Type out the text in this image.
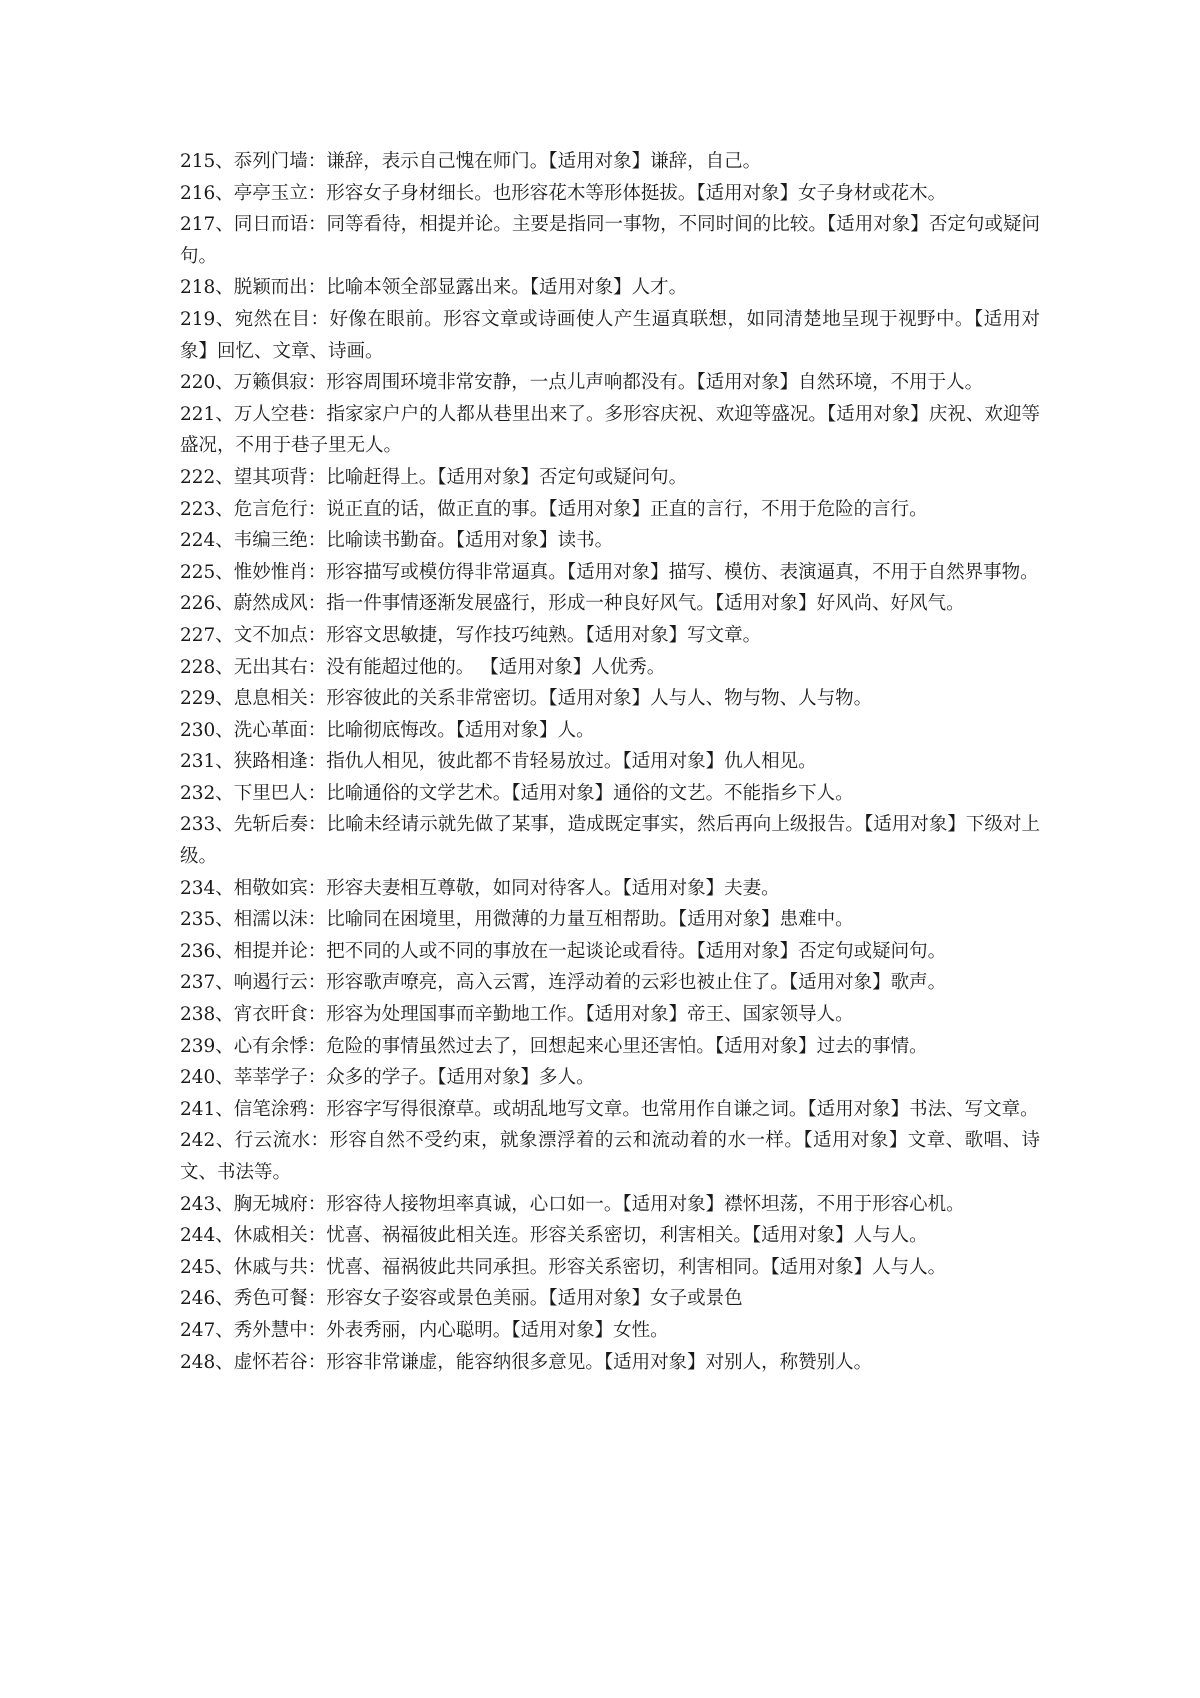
215、忝列门墙：谦辞，表示自己愧在师门。【适用对象】谦辞，自己。
216、亭亭玉立：形容女子身材细长。也形容花木等形体挺拔。【适用对象】女子身材或花木。
217、同日而语：同等看待，相提并论。主要是指同一事物，不同时间的比较。【适用对象】否定句或疑问句。
218、脱颖而出：比喻本领全部显露出来。【适用对象】人才。
219、宛然在目：好像在眼前。形容文章或诗画使人产生逼真联想，如同清楚地呈现于视野中。【适用对象】回忆、文章、诗画。
220、万籁俱寂：形容周围环境非常安静，一点儿声响都没有。【适用对象】自然环境，不用于人。
221、万人空巷：指家家户户的人都从巷里出来了。多形容庆祝、欢迎等盛况。【适用对象】庆祝、欢迎等盛况，不用于巷子里无人。
222、望其项背：比喻赶得上。【适用对象】否定句或疑问句。
223、危言危行：说正直的话，做正直的事。【适用对象】正直的言行，不用于危险的言行。
224、韦编三绝：比喻读书勤奋。【适用对象】读书。
225、惟妙惟肖：形容描写或模仿得非常逼真。【适用对象】描写、模仿、表演逼真，不用于自然界事物。
226、蔚然成风：指一件事情逐渐发展盛行，形成一种良好风气。【适用对象】好风尚、好风气。
227、文不加点：形容文思敏捷，写作技巧纯熟。【适用对象】写文章。
228、无出其右：没有能超过他的。 【适用对象】人优秀。
229、息息相关：形容彼此的关系非常密切。【适用对象】人与人、物与物、人与物。
230、洗心革面：比喻彻底悔改。【适用对象】人。
231、狭路相逢：指仇人相见，彼此都不肯轻易放过。【适用对象】仇人相见。
232、下里巴人：比喻通俗的文学艺术。【适用对象】通俗的文艺。不能指乡下人。
233、先斩后奏：比喻未经请示就先做了某事，造成既定事实，然后再向上级报告。【适用对象】下级对上级。
234、相敬如宾：形容夫妻相互尊敬，如同对待客人。【适用对象】夫妻。
235、相濡以沫：比喻同在困境里，用微薄的力量互相帮助。【适用对象】患难中。
236、相提并论：把不同的人或不同的事放在一起谈论或看待。【适用对象】否定句或疑问句。
237、响遏行云：形容歌声嘹亮，高入云霄，连浮动着的云彩也被止住了。【适用对象】歌声。
238、宵衣旰食：形容为处理国事而辛勤地工作。【适用对象】帝王、国家领导人。
239、心有余悸：危险的事情虽然过去了，回想起来心里还害怕。【适用对象】过去的事情。
240、莘莘学子：众多的学子。【适用对象】多人。
241、信笔涂鸦：形容字写得很潦草。或胡乱地写文章。也常用作自谦之词。【适用对象】书法、写文章。
242、行云流水：形容自然不受约束，就象漂浮着的云和流动着的水一样。【适用对象】文章、歌唱、诗文、书法等。
243、胸无城府：形容待人接物坦率真诚，心口如一。【适用对象】襟怀坦荡，不用于形容心机。
244、休戚相关：忧喜、祸福彼此相关连。形容关系密切，利害相关。【适用对象】人与人。
245、休戚与共：忧喜、福祸彼此共同承担。形容关系密切，利害相同。【适用对象】人与人。
246、秀色可餐：形容女子姿容或景色美丽。【适用对象】女子或景色
247、秀外慧中：外表秀丽，内心聪明。【适用对象】女性。
248、虚怀若谷：形容非常谦虚，能容纳很多意见。【适用对象】对别人，称赞别人。
